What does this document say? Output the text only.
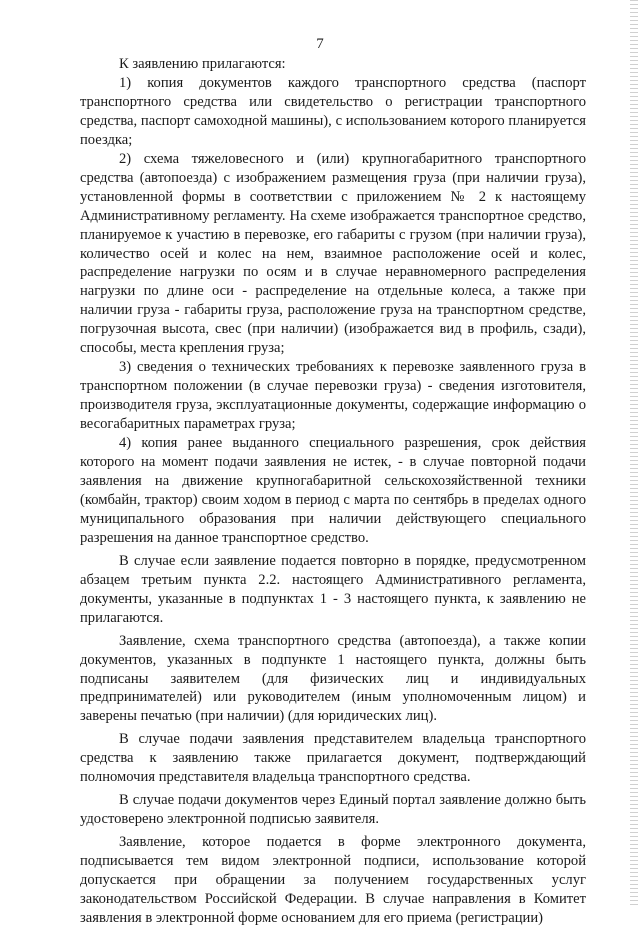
7

К заявлению прилагаются:

1) копия документов каждого транспортного средства (паспорт транспортного средства или свидетельство о регистрации транспортного средства, паспорт самоходной машины), с использованием которого планируется поездка;

2) схема тяжеловесного и (или) крупногабаритного транспортного средства (автопоезда) с изображением размещения груза (при наличии груза), установленной формы в соответствии с приложением № 2 к настоящему Административному регламенту. На схеме изображается транспортное средство, планируемое к участию в перевозке, его габариты с грузом (при наличии груза), количество осей и колес на нем, взаимное расположение осей и колес, распределение нагрузки по осям и в случае неравномерного распределения нагрузки по длине оси - распределение на отдельные колеса, а также при наличии груза - габариты груза, расположение груза на транспортном средстве, погрузочная высота, свес (при наличии) (изображается вид в профиль, сзади), способы, места крепления груза;

3) сведения о технических требованиях к перевозке заявленного груза в транспортном положении (в случае перевозки груза) - сведения изготовителя, производителя груза, эксплуатационные документы, содержащие информацию о весогабаритных параметрах груза;

4) копия ранее выданного специального разрешения, срок действия которого на момент подачи заявления не истек, - в случае повторной подачи заявления на движение крупногабаритной сельскохозяйственной техники (комбайн, трактор) своим ходом в период с марта по сентябрь в пределах одного муниципального образования при наличии действующего специального разрешения на данное транспортное средство.

В случае если заявление подается повторно в порядке, предусмотренном абзацем третьим пункта 2.2. настоящего Административного регламента, документы, указанные в подпунктах 1 - 3 настоящего пункта, к заявлению не прилагаются.

Заявление, схема транспортного средства (автопоезда), а также копии документов, указанных в подпункте 1 настоящего пункта, должны быть подписаны заявителем (для физических лиц и индивидуальных предпринимателей) или руководителем (иным уполномоченным лицом) и заверены печатью (при наличии) (для юридических лиц).

В случае подачи заявления представителем владельца транспортного средства к заявлению также прилагается документ, подтверждающий полномочия представителя владельца транспортного средства.

В случае подачи документов через Единый портал заявление должно быть удостоверено электронной подписью заявителя.

Заявление, которое подается в форме электронного документа, подписывается тем видом электронной подписи, использование которой допускается при обращении за получением государственных услуг законодательством Российской Федерации. В случае направления в Комитет заявления в электронной форме основанием для его приема (регистрации)
